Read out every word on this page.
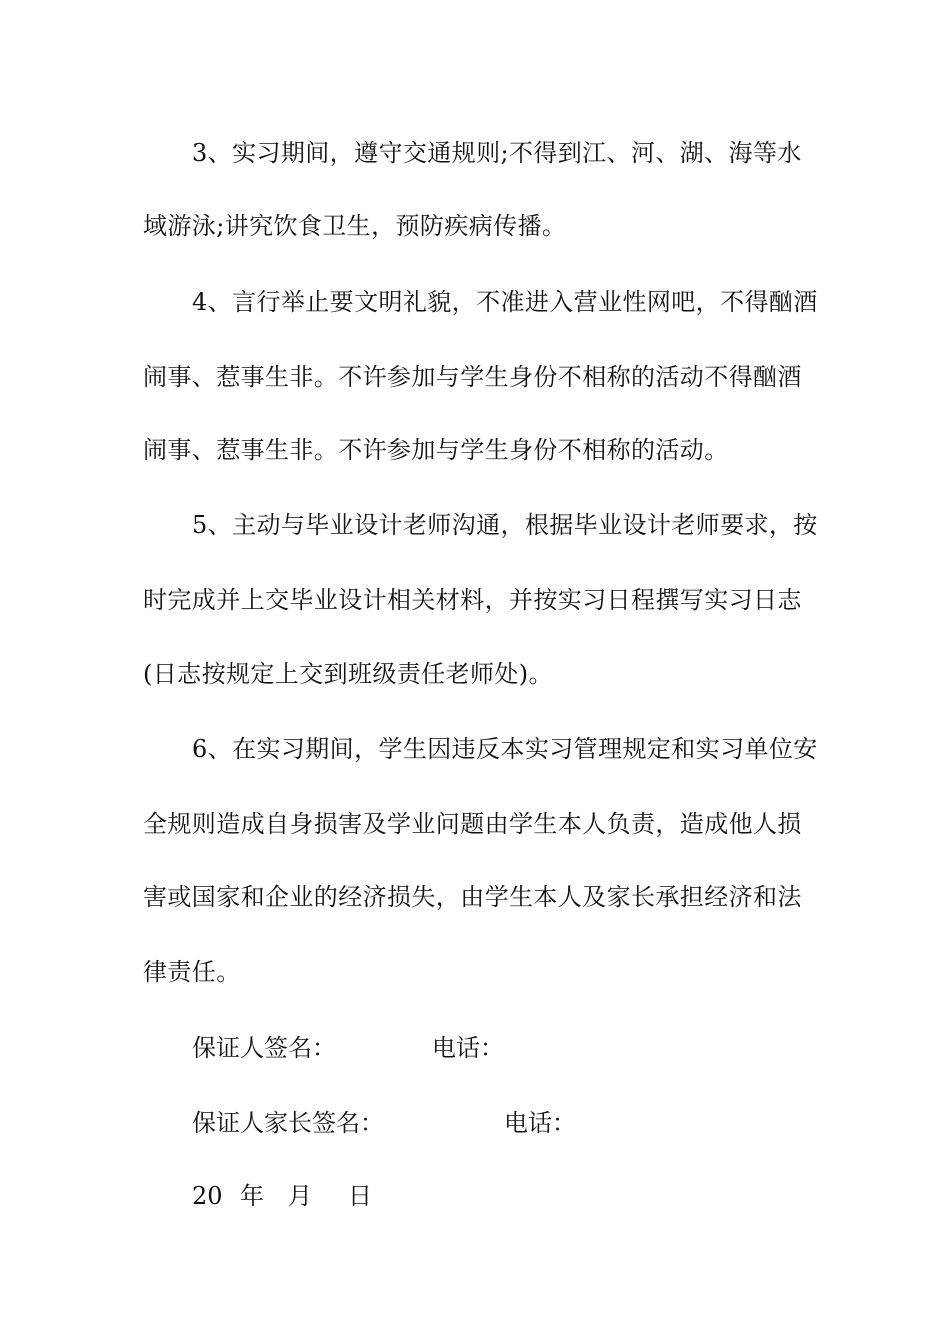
3、实习期间，遵守交通规则;不得到江、河、湖、海等水
域游泳;讲究饮食卫生，预防疾病传播。
4、言行举止要文明礼貌，不准进入营业性网吧，不得酗酒
闹事、惹事生非。不许参加与学生身份不相称的活动不得酗酒
闹事、惹事生非。不许参加与学生身份不相称的活动。
5、主动与毕业设计老师沟通，根据毕业设计老师要求，按
时完成并上交毕业设计相关材料，并按实习日程撰写实习日志
(日志按规定上交到班级责任老师处)。
6、在实习期间，学生因违反本实习管理规定和实习单位安
全规则造成自身损害及学业问题由学生本人负责，造成他人损
害或国家和企业的经济损失，由学生本人及家长承担经济和法
律责任。
保证人签名：	电话：
保证人家长签名：	电话：
20 年 月 日
